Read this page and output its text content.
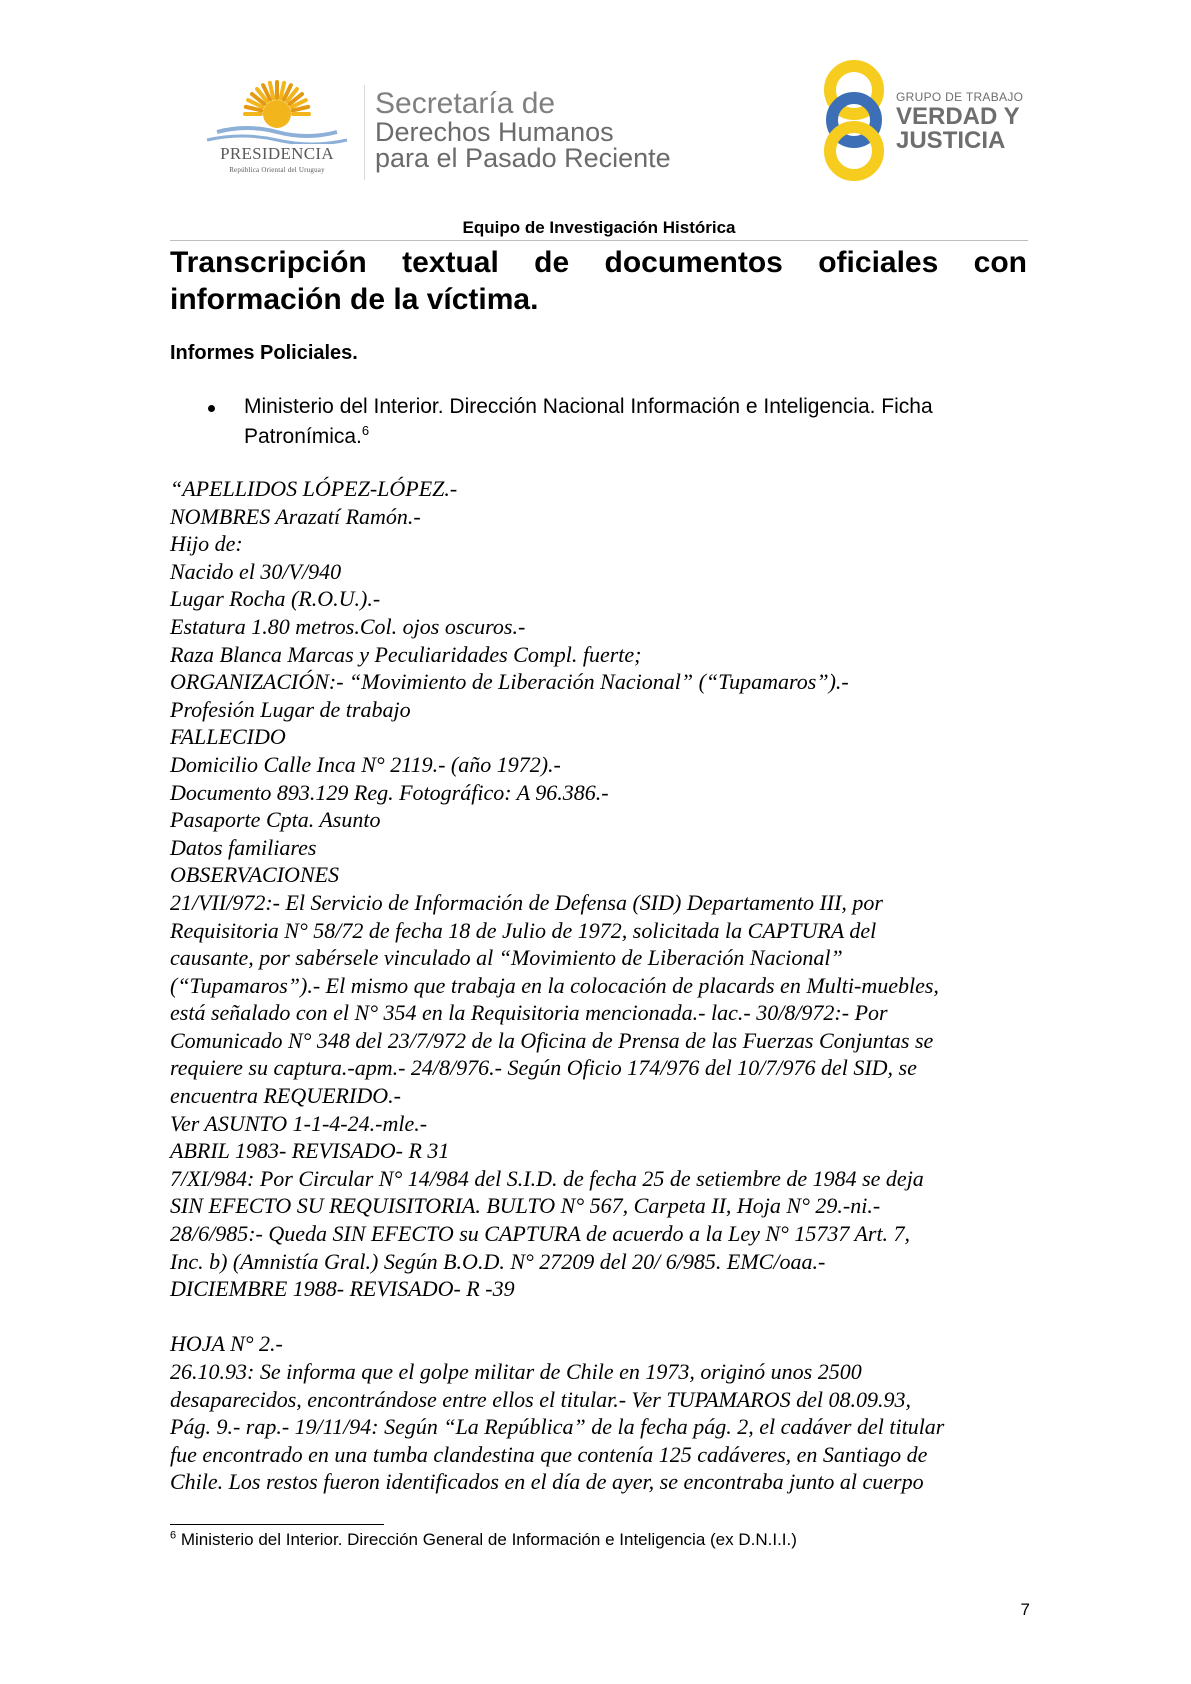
PRESIDENCIA
República Oriental del Uruguay
Secretaría de
Derechos Humanos
para el Pasado Reciente
GRUPO DE TRABAJO
VERDAD Y
JUSTICIA
Equipo de Investigación Histórica
Transcripción textual de documentos oficiales con información de la víctima.
Informes Policiales.
Ministerio del Interior. Dirección Nacional Información e Inteligencia. Ficha Patronímica.$^6$
“APELLIDOS LÓPEZ-LÓPEZ.-
NOMBRES Arazatí Ramón.-
Hijo de:
Nacido el 30/V/940
Lugar Rocha (R.O.U.).-
Estatura 1.80 metros.Col. ojos oscuros.-
Raza Blanca Marcas y Peculiaridades Compl. fuerte;
ORGANIZACIÓN:- “Movimiento de Liberación Nacional” (“Tupamaros”).-
Profesión Lugar de trabajo
FALLECIDO
Domicilio Calle Inca N° 2119.- (año 1972).-
Documento 893.129 Reg. Fotográfico: A 96.386.-
Pasaporte Cpta. Asunto
Datos familiares
OBSERVACIONES
21/VII/972:- El Servicio de Información de Defensa (SID) Departamento III, por
Requisitoria N° 58/72 de fecha 18 de Julio de 1972, solicitada la CAPTURA del
causante, por sabérsele vinculado al “Movimiento de Liberación Nacional”
(“Tupamaros”).- El mismo que trabaja en la colocación de placards en Multi-muebles,
está señalado con el N° 354 en la Requisitoria mencionada.- lac.- 30/8/972:- Por
Comunicado N° 348 del 23/7/972 de la Oficina de Prensa de las Fuerzas Conjuntas se
requiere su captura.-apm.- 24/8/976.- Según Oficio 174/976 del 10/7/976 del SID, se
encuentra REQUERIDO.-
Ver ASUNTO 1-1-4-24.-mle.-
ABRIL 1983- REVISADO- R 31
7/XI/984: Por Circular N° 14/984 del S.I.D. de fecha 25 de setiembre de 1984 se deja
SIN EFECTO SU REQUISITORIA. BULTO N° 567, Carpeta II, Hoja N° 29.-ni.-
28/6/985:- Queda SIN EFECTO su CAPTURA de acuerdo a la Ley N° 15737 Art. 7,
Inc. b) (Amnistía Gral.) Según B.O.D. N° 27209 del 20/ 6/985. EMC/oaa.-
DICIEMBRE 1988- REVISADO- R -39
HOJA N° 2.-
26.10.93: Se informa que el golpe militar de Chile en 1973, originó unos 2500
desaparecidos, encontrándose entre ellos el titular.- Ver TUPAMAROS del 08.09.93,
Pág. 9.- rap.- 19/11/94: Según “La República” de la fecha pág. 2, el cadáver del titular
fue encontrado en una tumba clandestina que contenía 125 cadáveres, en Santiago de
Chile. Los restos fueron identificados en el día de ayer, se encontraba junto al cuerpo
$^6$ Ministerio del Interior. Dirección General de Información e Inteligencia (ex D.N.I.I.)
7
